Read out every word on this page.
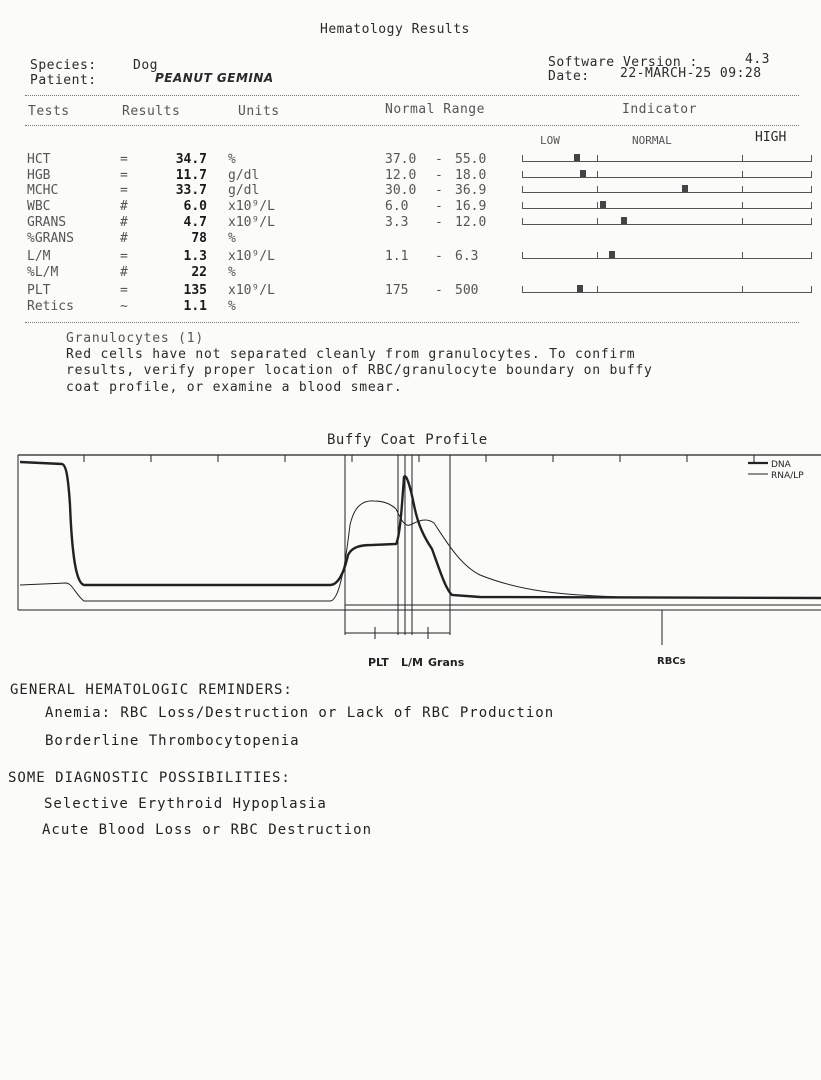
Hematology Results
Species:	Dog
Patient:	PEANUT GEMINA
Software Version :	4.3
Date: 22-MARCH-25 09:28
Tests	Results	Units	Normal Range	Indicator
LOW	NORMAL	HIGH
HCT	=	34.7 %	37.0 - 55.0
HGB	=	11.7 g/dl	12.0 - 18.0
MCHC	=	33.7 g/dl	30.0 - 36.9
WBC	#	6.0 x10⁹/L	6.0 - 16.9
GRANS	#	4.7 x10⁹/L	3.3 - 12.0
%GRANS	#	78 %
L/M	=	1.3 x10⁹/L	1.1 - 6.3
%L/M	#	22 %
PLT	=	135 x10⁹/L	175 - 500
Retics	~	1.1 %
Granulocytes (1)
Red cells have not separated cleanly from granulocytes. To confirm
results, verify proper location of RBC/granulocyte boundary on buffy
coat profile, or examine a blood smear.
Buffy Coat Profile
DNA
RNA/LP
PLT L/M Grans	RBCs
GENERAL HEMATOLOGIC REMINDERS:
Anemia: RBC Loss/Destruction or Lack of RBC Production
Borderline Thrombocytopenia
SOME DIAGNOSTIC POSSIBILITIES:
Selective Erythroid Hypoplasia
Acute Blood Loss or RBC Destruction
